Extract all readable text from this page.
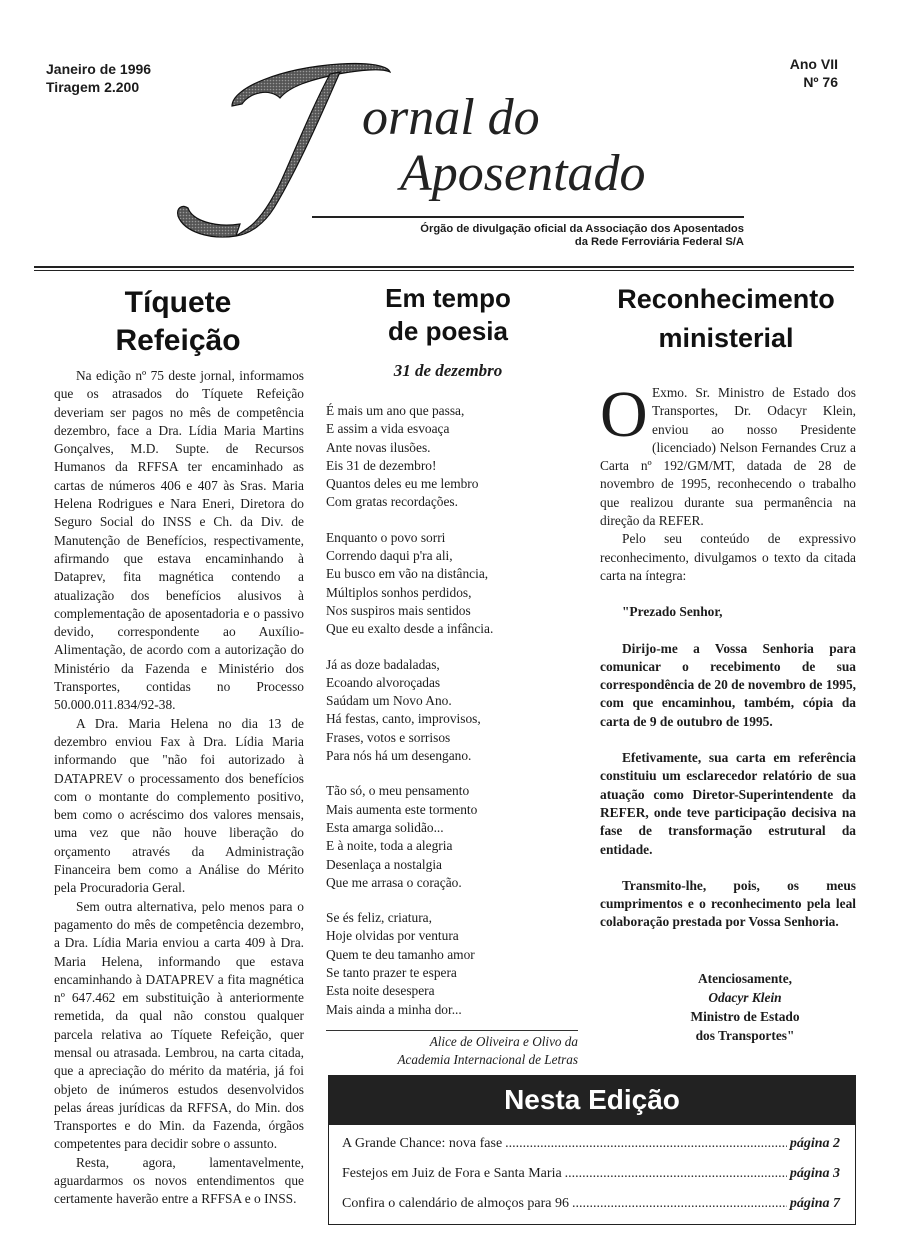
Janeiro de 1996
Tiragem 2.200
Ano VII
Nº 76
ornal do
Aposentado
Órgão de divulgação oficial da Associação dos Aposentados
da Rede Ferroviária Federal S/A
Tíquete
Refeição

Na edição nº 75 deste jornal, informamos que os atrasados do Tíquete Refeição deveriam ser pagos no mês de competência dezembro, face a Dra. Lídia Maria Martins Gonçalves, M.D. Supte. de Recursos Humanos da RFFSA ter encaminhado as cartas de números 406 e 407 às Sras. Maria Helena Rodrigues e Nara Eneri, Diretora do Seguro Social do INSS e Ch. da Div. de Manutenção de Benefícios, respectivamente, afirmando que estava encaminhando à Dataprev, fita magnética contendo a atualização dos benefícios alusivos à complementação de aposentadoria e o passivo devido, correspondente ao Auxílio-Alimentação, de acordo com a autorização do Ministério da Fazenda e Ministério dos Transportes, contidas no Processo 50.000.011.834/92-38.

A Dra. Maria Helena no dia 13 de dezembro enviou Fax à Dra. Lídia Maria informando que "não foi autorizado à DATAPREV o processamento dos benefícios com o montante do complemento positivo, bem como o acréscimo dos valores mensais, uma vez que não houve liberação do orçamento através da Administração Financeira bem como a Análise do Mérito pela Procuradoria Geral.

Sem outra alternativa, pelo menos para o pagamento do mês de competência dezembro, a Dra. Lídia Maria enviou a carta 409 à Dra. Maria Helena, informando que estava encaminhando à DATAPREV a fita magnética nº 647.462 em substituição à anteriormente remetida, da qual não constou qualquer parcela relativa ao Tíquete Refeição, quer mensal ou atrasada. Lembrou, na carta citada, que a apreciação do mérito da matéria, já foi objeto de inúmeros estudos desenvolvidos pelas áreas jurídicas da RFFSA, do Min. dos Transportes e do Min. da Fazenda, órgãos competentes para decidir sobre o assunto.

Resta, agora, lamentavelmente, aguardarmos os novos entendimentos que certamente haverão entre a RFFSA e o INSS.

Em tempo
de poesia
31 de dezembro
É mais um ano que passa,
E assim a vida esvoaça
Ante novas ilusões.
Eis 31 de dezembro!
Quantos deles eu me lembro
Com gratas recordações.
Enquanto o povo sorri
Correndo daqui p'ra ali,
Eu busco em vão na distância,
Múltiplos sonhos perdidos,
Nos suspiros mais sentidos
Que eu exalto desde a infância.
Já as doze badaladas,
Ecoando alvoroçadas
Saúdam um Novo Ano.
Há festas, canto, improvisos,
Frases, votos e sorrisos
Para nós há um desengano.
Tão só, o meu pensamento
Mais aumenta este tormento
Esta amarga solidão...
E à noite, toda a alegria
Desenlaça a nostalgia
Que me arrasa o coração.
Se és feliz, criatura,
Hoje olvidas por ventura
Quem te deu tamanho amor
Se tanto prazer te espera
Esta noite desespera
Mais ainda a minha dor...
Alice de Oliveira e Olivo da
Academia Internacional de Letras
Reconhecimento
ministerial

O Exmo. Sr. Ministro de Estado dos Transportes, Dr. Odacyr Klein, enviou ao nosso Presidente (licenciado) Nelson Fernandes Cruz a Carta nº 192/GM/MT, datada de 28 de novembro de 1995, reconhecendo o trabalho que realizou durante sua permanência na direção da REFER.

Pelo seu conteúdo de expressivo reconhecimento, divulgamos o texto da citada carta na íntegra:

"Prezado Senhor,

Dirijo-me a Vossa Senhoria para comunicar o recebimento de sua correspondência de 20 de novembro de 1995, com que encaminhou, também, cópia da carta de 9 de outubro de 1995.

Efetivamente, sua carta em referência constituiu um esclarecedor relatório de sua atuação como Diretor-Superintendente da REFER, onde teve participação decisiva na fase de transformação estrutural da entidade.

Transmito-lhe, pois, os meus cumprimentos e o reconhecimento pela leal colaboração prestada por Vossa Senhoria.

Atenciosamente,
Odacyr Klein
Ministro de Estado
dos Transportes"
Nesta Edição
A Grande Chance: nova fase .....	página 2
Festejos em Juiz de Fora e Santa Maria .....	página 3
Confira o calendário de almoços para 96 .....	página 7
